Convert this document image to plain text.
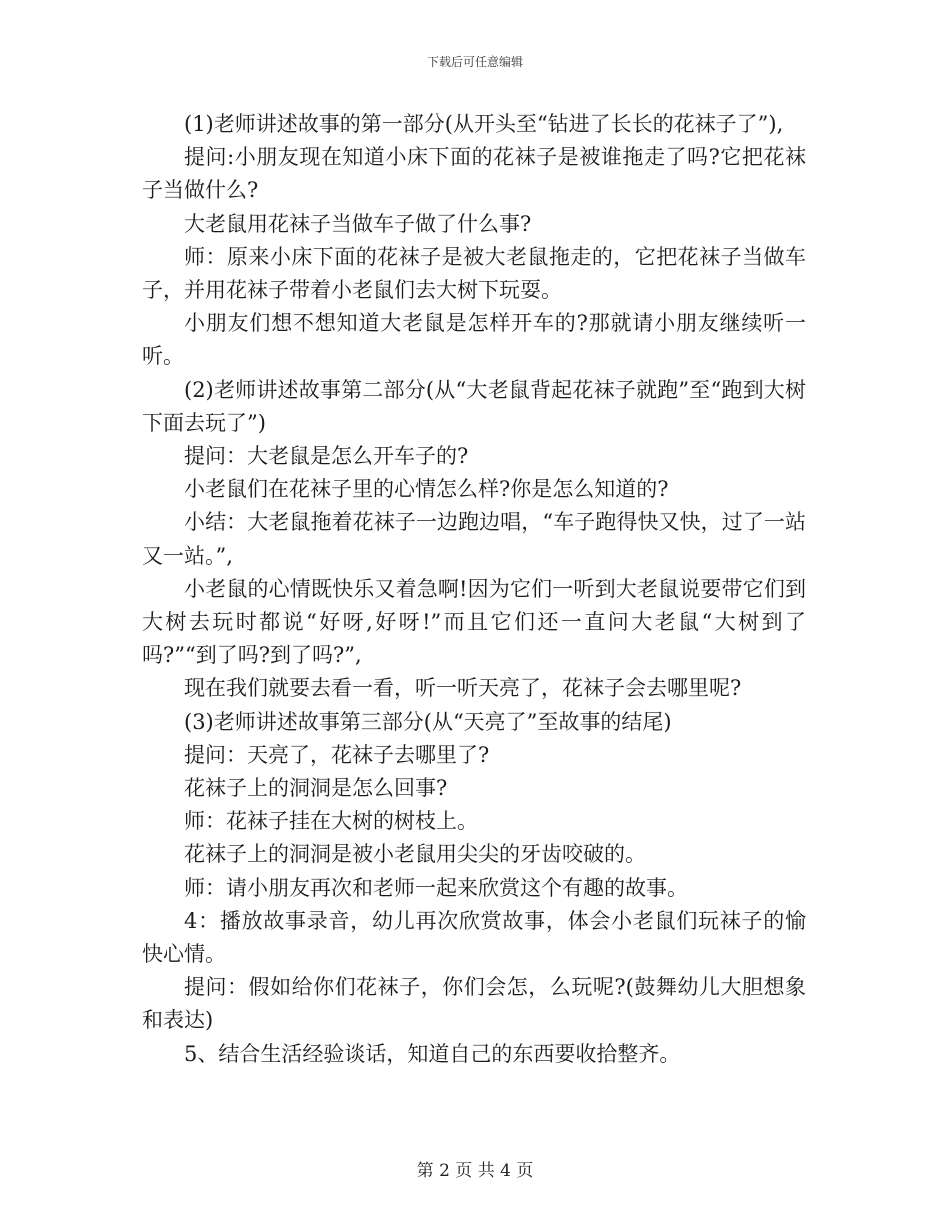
下载后可任意编辑

(1)老师讲述故事的第一部分(从开头至“钻进了长长的花袜子了”),

提问:小朋友现在知道小床下面的花袜子是被谁拖走了吗?它把花袜子当做什么?

大老鼠用花袜子当做车子做了什么事?

师：原来小床下面的花袜子是被大老鼠拖走的，它把花袜子当做车子，并用花袜子带着小老鼠们去大树下玩耍。

小朋友们想不想知道大老鼠是怎样开车的?那就请小朋友继续听一听。

(2)老师讲述故事第二部分(从“大老鼠背起花袜子就跑”至“跑到大树下面去玩了”)

提问：大老鼠是怎么开车子的?

小老鼠们在花袜子里的心情怎么样?你是怎么知道的?

小结：大老鼠拖着花袜子一边跑边唱，“车子跑得快又快，过了一站又一站。”,

小老鼠的心情既快乐又着急啊!因为它们一听到大老鼠说要带它们到大树去玩时都说“好呀,好呀!”而且它们还一直问大老鼠“大树到了吗?”“到了吗?到了吗?”,

现在我们就要去看一看，听一听天亮了，花袜子会去哪里呢?

(3)老师讲述故事第三部分(从“天亮了”至故事的结尾)

提问：天亮了，花袜子去哪里了?

花袜子上的洞洞是怎么回事?

师：花袜子挂在大树的树枝上。

花袜子上的洞洞是被小老鼠用尖尖的牙齿咬破的。

师：请小朋友再次和老师一起来欣赏这个有趣的故事。

4：播放故事录音，幼儿再次欣赏故事，体会小老鼠们玩袜子的愉快心情。

提问：假如给你们花袜子，你们会怎，么玩呢?(鼓舞幼儿大胆想象和表达)

5、结合生活经验谈话，知道自己的东西要收拾整齐。

第 2 页 共 4 页
